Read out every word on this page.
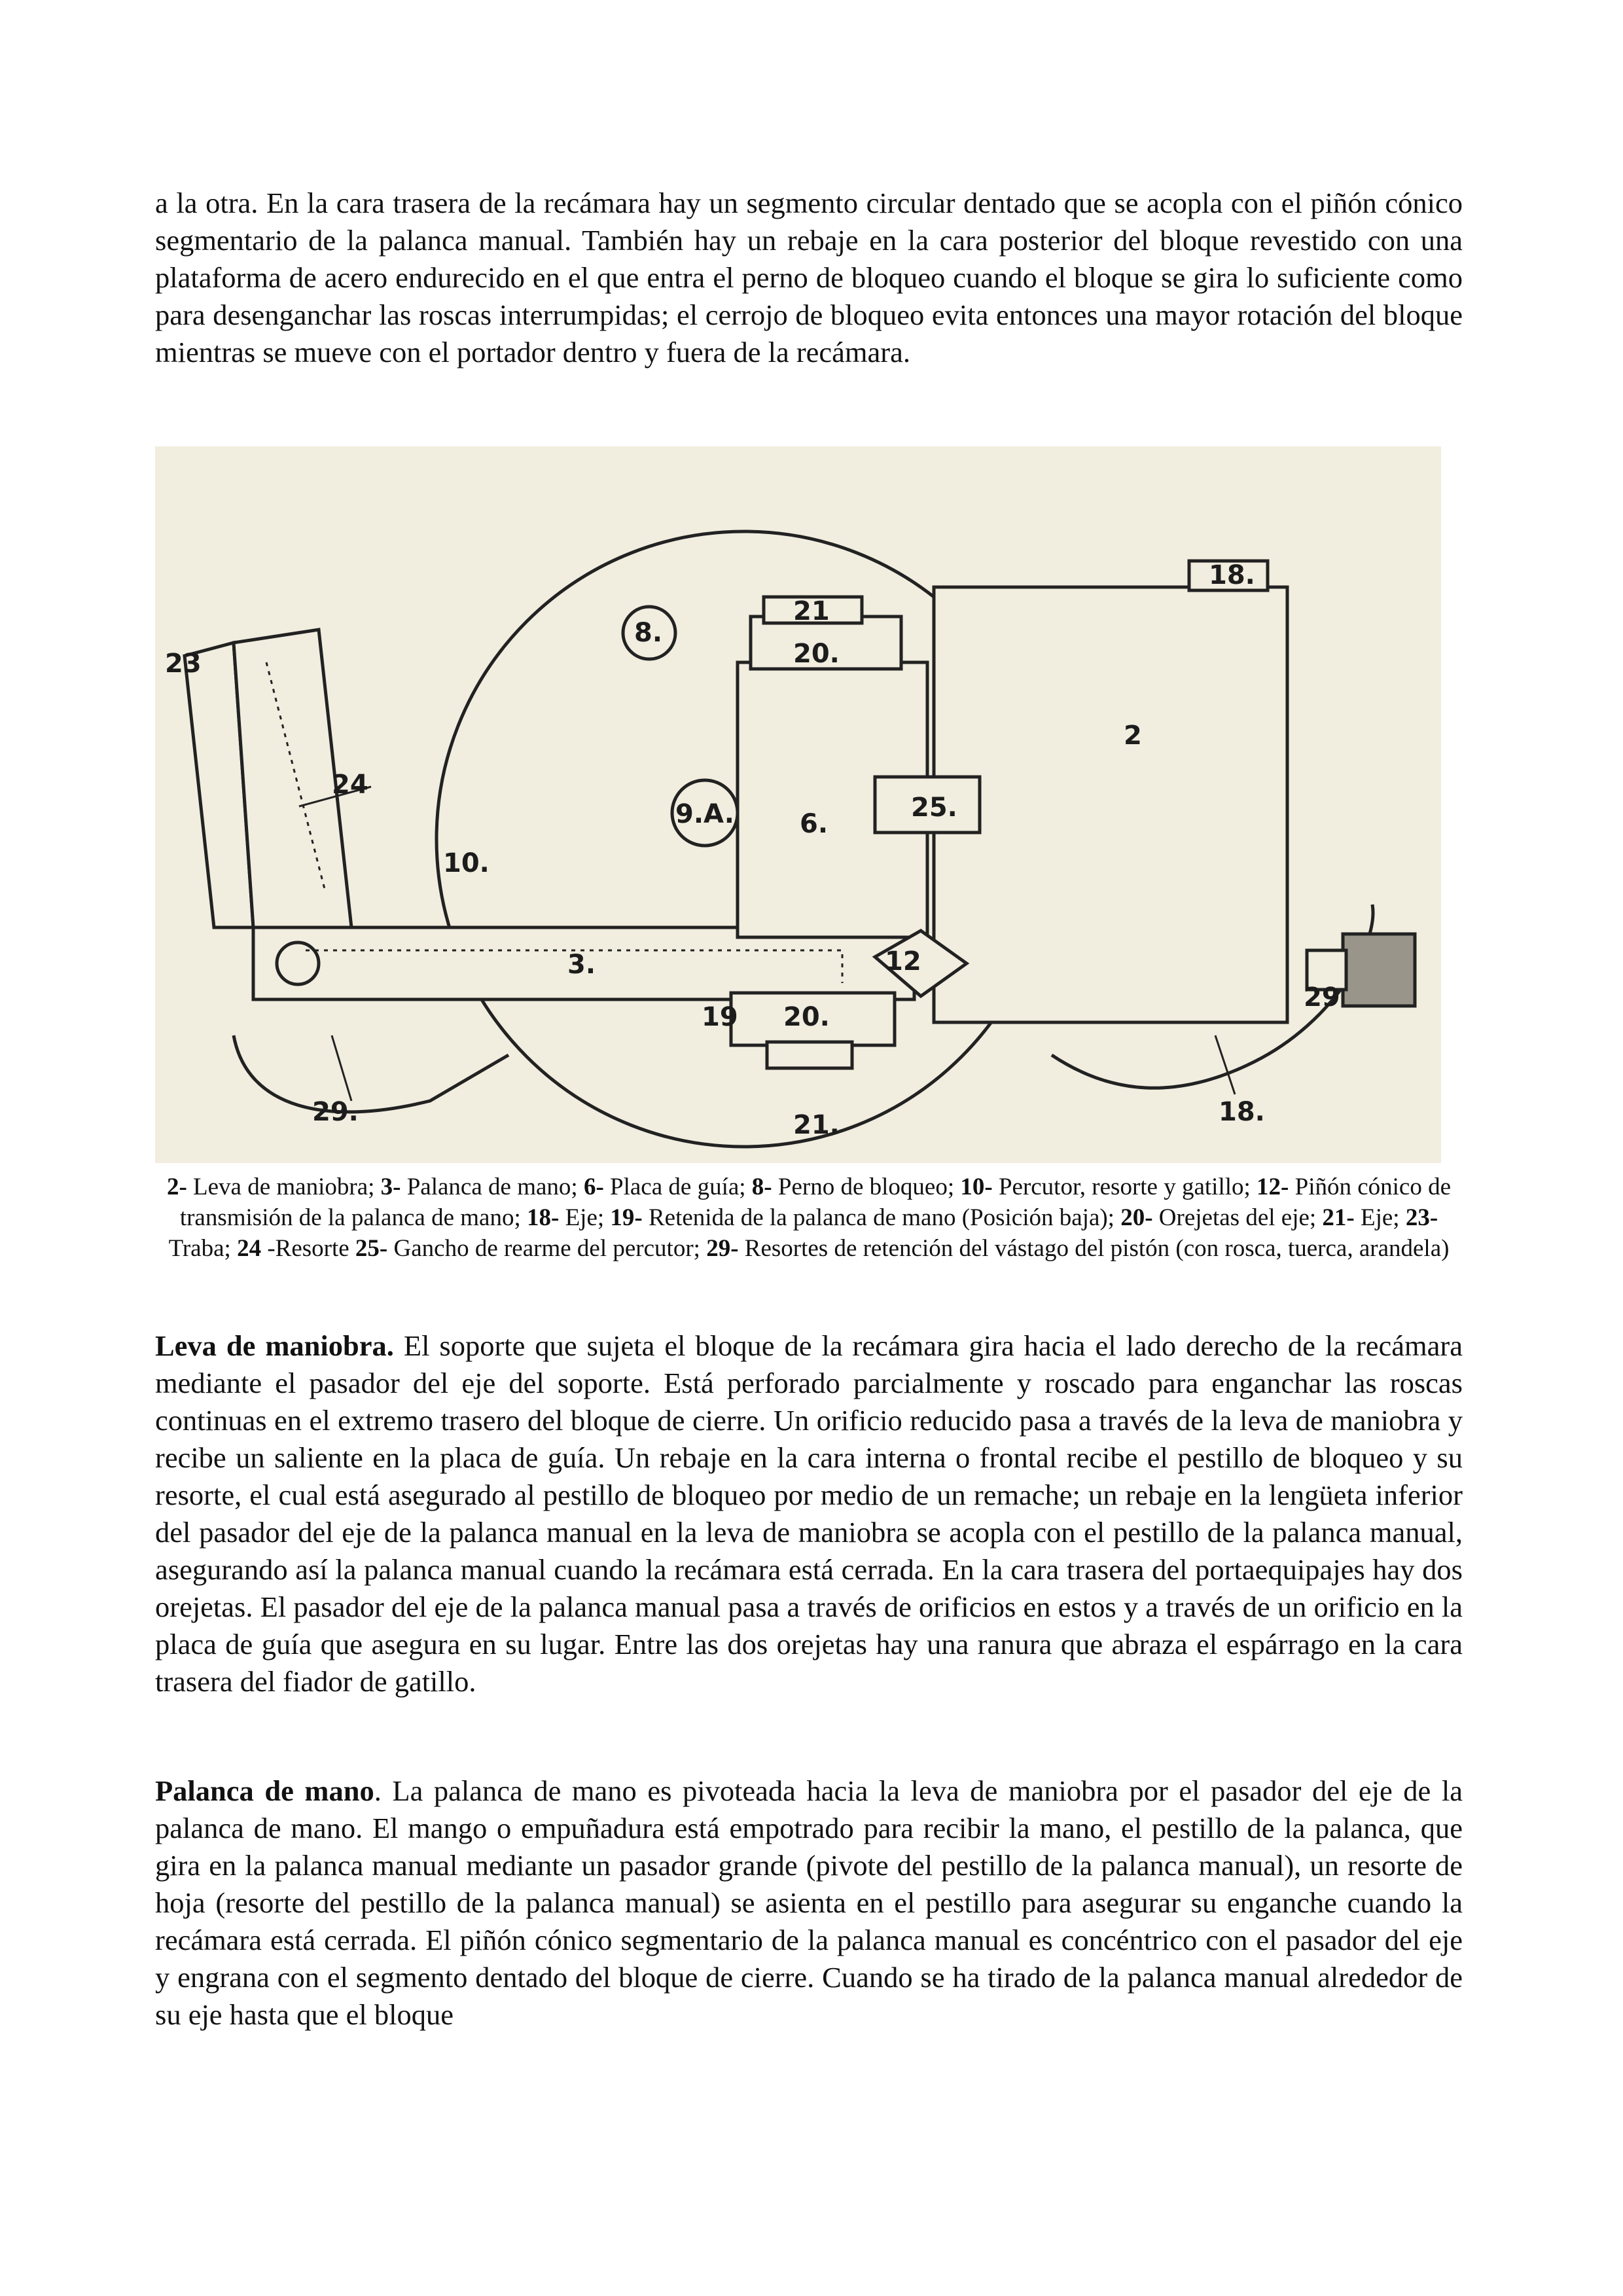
a la otra. En la cara trasera de la recámara hay un segmento circular dentado que se acopla con el piñón cónico segmentario de la palanca manual. También hay un rebaje en la cara posterior del bloque revestido con una plataforma de acero endurecido en el que entra el perno de bloqueo cuando el bloque se gira lo suficiente como para desenganchar las roscas interrumpidas; el cerrojo de bloqueo evita entonces una mayor rotación del bloque mientras se mueve con el portador dentro y fuera de la recámara.

2
3.
6.
8.
9.A.
10.
12
18.
18.
19
20.
20.
21
21.
23
24
25.
29.
29

2- Leva de maniobra; 3- Palanca de mano; 6- Placa de guía; 8- Perno de bloqueo; 10- Percutor, resorte y gatillo; 12- Piñón cónico de transmisión de la palanca de mano; 18- Eje; 19- Retenida de la palanca de mano (Posición baja); 20- Orejetas del eje; 21- Eje; 23- Traba; 24 -Resorte 25- Gancho de rearme del percutor; 29- Resortes de retención del vástago del pistón (con rosca, tuerca, arandela)

Leva de maniobra. El soporte que sujeta el bloque de la recámara gira hacia el lado derecho de la recámara mediante el pasador del eje del soporte. Está perforado parcialmente y roscado para enganchar las roscas continuas en el extremo trasero del bloque de cierre. Un orificio reducido pasa a través de la leva de maniobra y recibe un saliente en la placa de guía. Un rebaje en la cara interna o frontal recibe el pestillo de bloqueo y su resorte, el cual está asegurado al pestillo de bloqueo por medio de un remache; un rebaje en la lengüeta inferior del pasador del eje de la palanca manual en la leva de maniobra se acopla con el pestillo de la palanca manual, asegurando así la palanca manual cuando la recámara está cerrada. En la cara trasera del portaequipajes hay dos orejetas. El pasador del eje de la palanca manual pasa a través de orificios en estos y a través de un orificio en la placa de guía que asegura en su lugar. Entre las dos orejetas hay una ranura que abraza el espárrago en la cara trasera del fiador de gatillo.

Palanca de mano. La palanca de mano es pivoteada hacia la leva de maniobra por el pasador del eje de la palanca de mano. El mango o empuñadura está empotrado para recibir la mano, el pestillo de la palanca, que gira en la palanca manual mediante un pasador grande (pivote del pestillo de la palanca manual), un resorte de hoja (resorte del pestillo de la palanca manual) se asienta en el pestillo para asegurar su enganche cuando la recámara está cerrada. El piñón cónico segmentario de la palanca manual es concéntrico con el pasador del eje y engrana con el segmento dentado del bloque de cierre. Cuando se ha tirado de la palanca manual alrededor de su eje hasta que el bloque
